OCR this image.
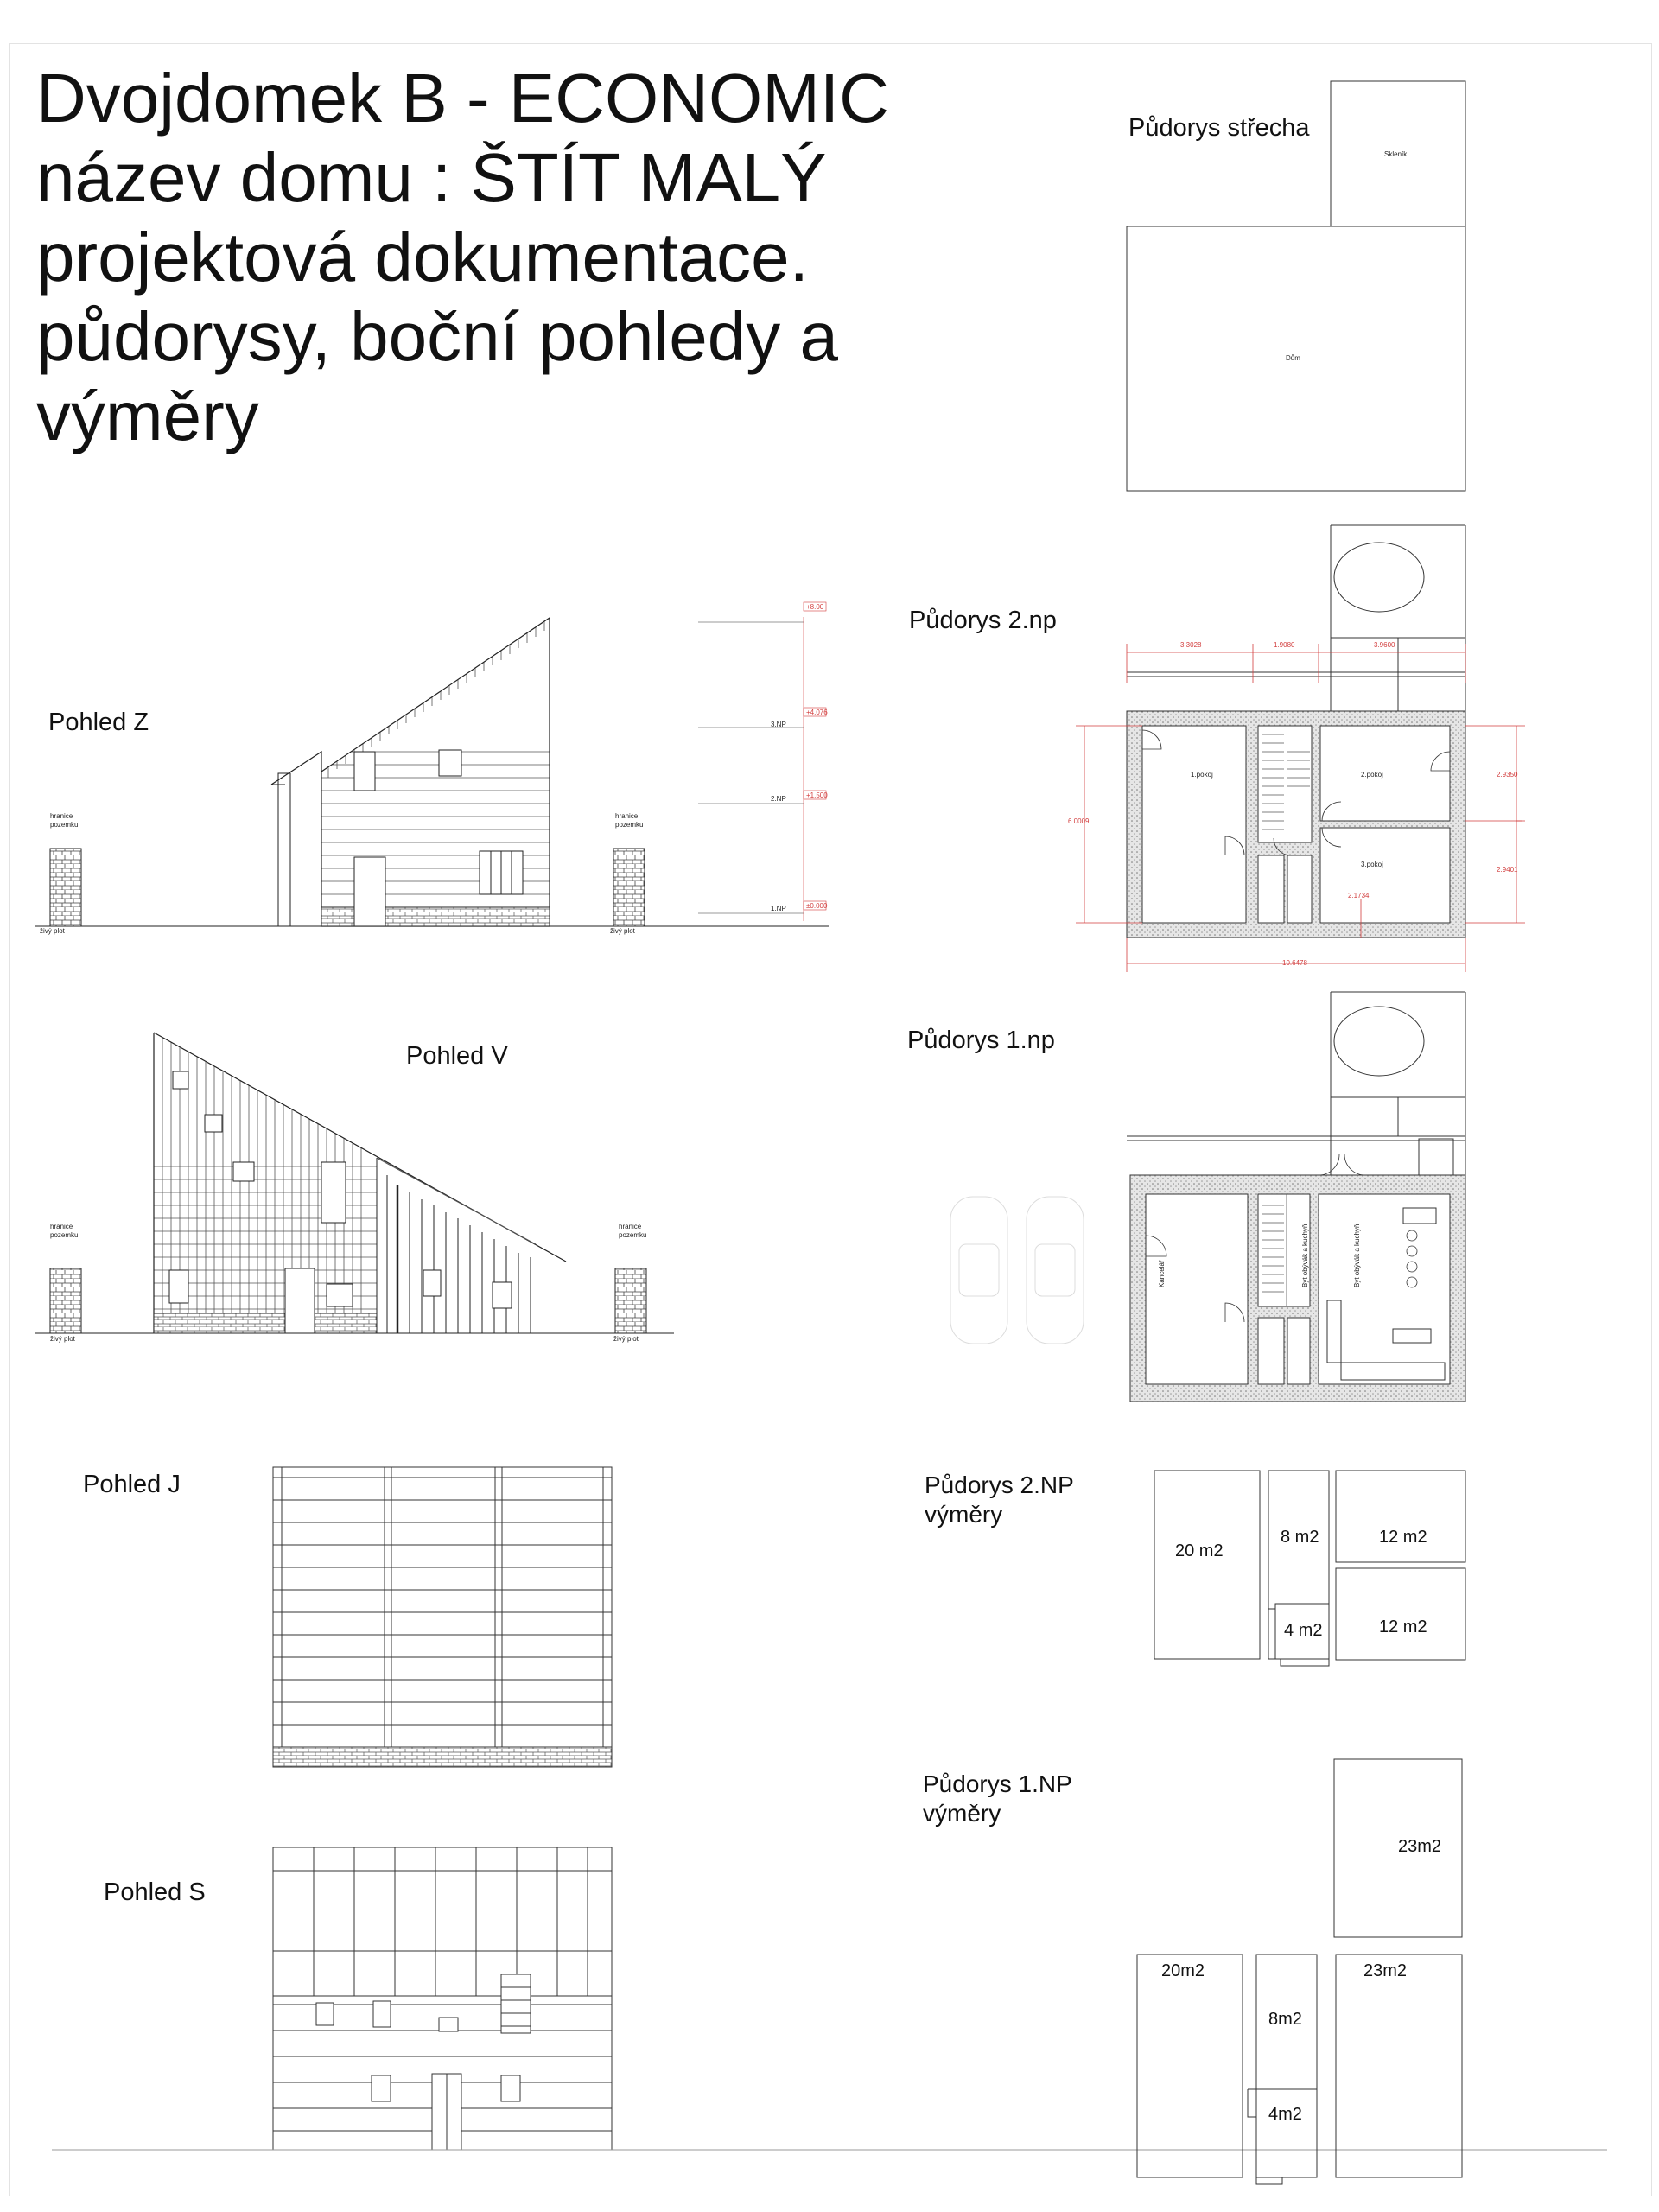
Dvojdomek B - ECONOMIC
název domu : ŠTÍT MALÝ
projektová dokumentace.
půdorysy, boční pohledy a
výměry
Pohled Z
Pohled V
Pohled J
Pohled S
Půdorys střecha
Půdorys 2.np
Půdorys 1.np
Půdorys 2.NP
výměry
Půdorys 1.NP
výměry
Skleník
Dům
hranice
pozemku
hranice
pozemku
živý plot	živý plot
hranice
pozemku
hranice
pozemku
živý plot	živý plot
+8.00
+4.076
+1.500
±0.000
3.NP
2.NP
1.NP
3.3028	1.9080	3.9600
6.0009
2.9350
2.9401
2.1734
10.6478
1.pokoj	2.pokoj
3.pokoj
Kancelář	Byt obývák a kuchyň	Byt obývák a kuchyň
20 m2
8 m2	12 m2
4 m2	12 m2
23m2
20m2
8m2
23m2
4m2
